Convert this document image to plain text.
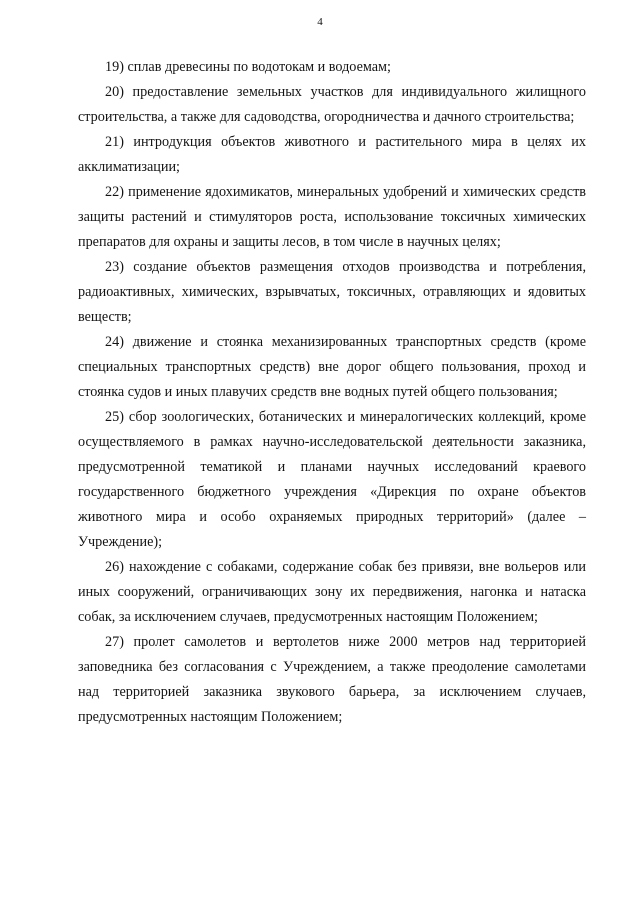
4

19) сплав древесины по водотокам и водоемам;

20) предоставление земельных участков для индивидуального жилищного строительства, а также для садоводства, огородничества и дачного строительства;

21) интродукция объектов животного и растительного мира в целях их акклиматизации;

22) применение ядохимикатов, минеральных удобрений и химических средств защиты растений и стимуляторов роста, использование токсичных химических препаратов для охраны и защиты лесов, в том числе в научных целях;

23) создание объектов размещения отходов производства и потребления, радиоактивных, химических, взрывчатых, токсичных, отравляющих и ядовитых веществ;

24) движение и стоянка механизированных транспортных средств (кроме специальных транспортных средств) вне дорог общего пользования, проход и стоянка судов и иных плавучих средств вне водных путей общего пользования;

25) сбор зоологических, ботанических и минералогических коллекций, кроме осуществляемого в рамках научно-исследовательской деятельности заказника, предусмотренной тематикой и планами научных исследований краевого государственного бюджетного учреждения «Дирекция по охране объектов животного мира и особо охраняемых природных территорий» (далее – Учреждение);

26) нахождение с собаками, содержание собак без привязи, вне вольеров или иных сооружений, ограничивающих зону их передвижения, нагонка и натаска собак, за исключением случаев, предусмотренных настоящим Положением;

27) пролет самолетов и вертолетов ниже 2000 метров над территорией заповедника без согласования с Учреждением, а также преодоление самолетами над территорией заказника звукового барьера, за исключением случаев, предусмотренных настоящим Положением;
